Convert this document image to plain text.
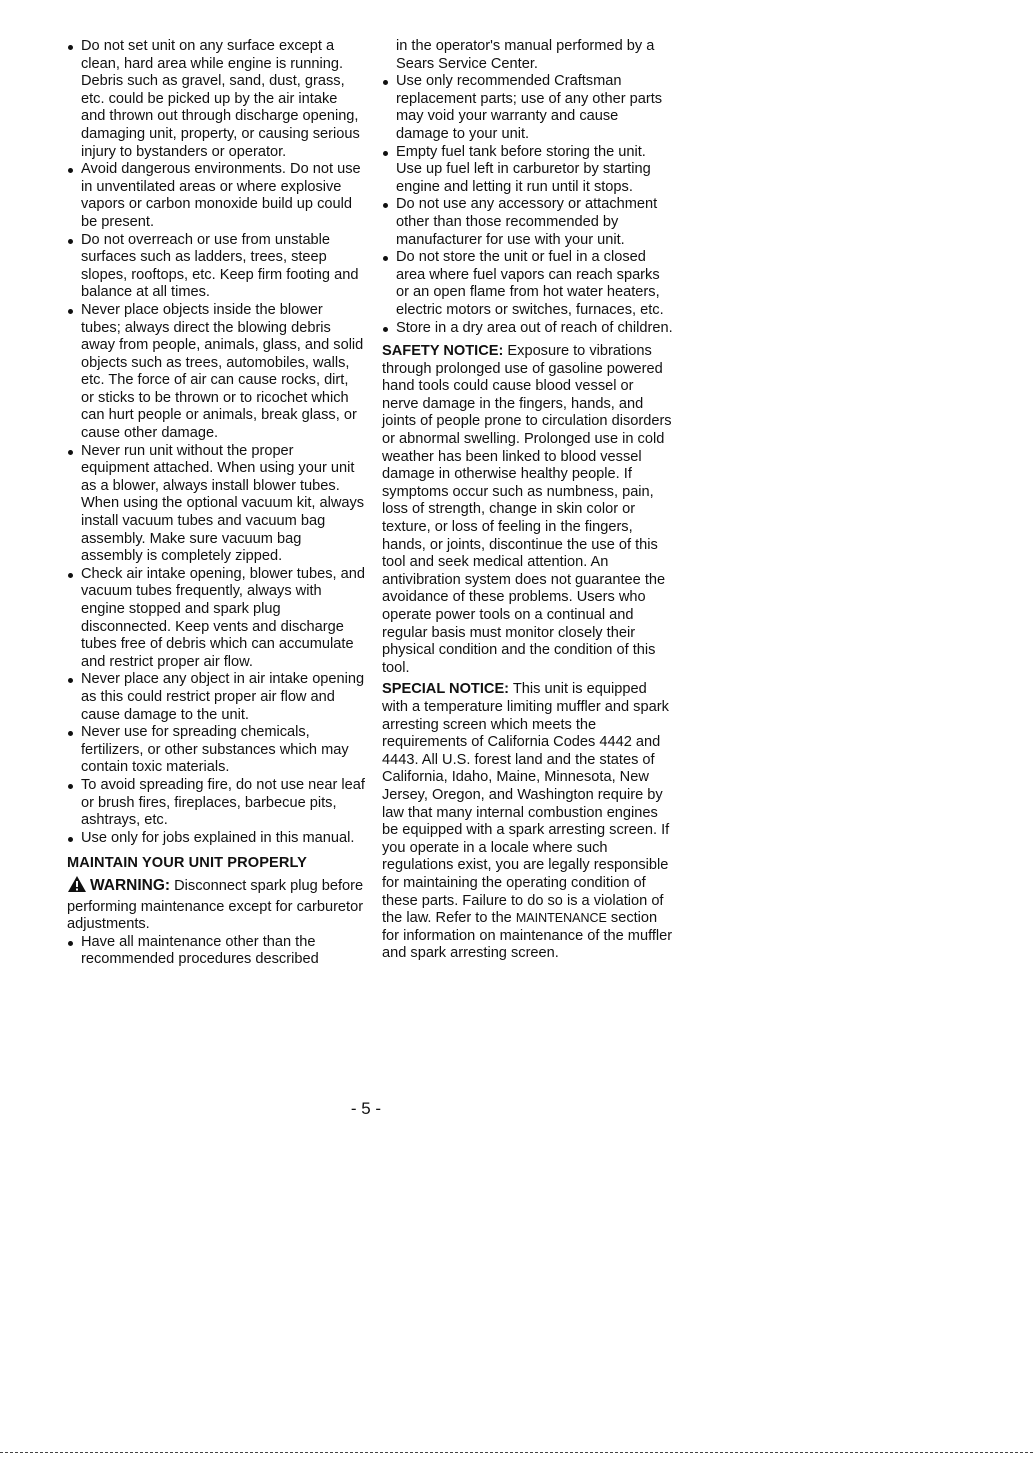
Do not set unit on any surface except a clean, hard area while engine is running. Debris such as gravel, sand, dust, grass, etc. could be picked up by the air intake and thrown out through discharge opening, damaging unit, property, or causing serious injury to bystanders or operator.
Avoid dangerous environments. Do not use in unventilated areas or where explosive vapors or carbon monoxide build up could be present.
Do not overreach or use from unstable surfaces such as ladders, trees, steep slopes, rooftops, etc. Keep firm footing and balance at all times.
Never place objects inside the blower tubes; always direct the blowing debris away from people, animals, glass, and solid objects such as trees, automobiles, walls, etc. The force of air can cause rocks, dirt, or sticks to be thrown or to ricochet which can hurt people or animals, break glass, or cause other damage.
Never run unit without the proper equipment attached. When using your unit as a blower, always install blower tubes. When using the optional vacuum kit, always install vacuum tubes and vacuum bag assembly. Make sure vacuum bag assembly is completely zipped.
Check air intake opening, blower tubes, and vacuum tubes frequently, always with engine stopped and spark plug disconnected. Keep vents and discharge tubes free of debris which can accumulate and restrict proper air flow.
Never place any object in air intake opening as this could restrict proper air flow and cause damage to the unit.
Never use for spreading chemicals, fertilizers, or other substances which may contain toxic materials.
To avoid spreading fire, do not use near leaf or brush fires, fireplaces, barbecue pits, ashtrays, etc.
Use only for jobs explained in this manual.
MAINTAIN YOUR UNIT PROPERLY
WARNING: Disconnect spark plug before performing maintenance except for carburetor adjustments.
Have all maintenance other than the recommended procedures described

in the operator's manual performed by a Sears Service Center.

Use only recommended Craftsman replacement parts; use of any other parts may void your warranty and cause damage to your unit.
Empty fuel tank before storing the unit. Use up fuel left in carburetor by starting engine and letting it run until it stops.
Do not use any accessory or attachment other than those recommended by manufacturer for use with your unit.
Do not store the unit or fuel in a closed area where fuel vapors can reach sparks or an open flame from hot water heaters, electric motors or switches, furnaces, etc.
Store in a dry area out of reach of children.

SAFETY NOTICE: Exposure to vibrations through prolonged use of gasoline powered hand tools could cause blood vessel or nerve damage in the fingers, hands, and joints of people prone to circulation disorders or abnormal swelling. Prolonged use in cold weather has been linked to blood vessel damage in otherwise healthy people. If symptoms occur such as numbness, pain, loss of strength, change in skin color or texture, or loss of feeling in the fingers, hands, or joints, discontinue the use of this tool and seek medical attention. An antivibration system does not guarantee the avoidance of these problems. Users who operate power tools on a continual and regular basis must monitor closely their physical condition and the condition of this tool.

SPECIAL NOTICE: This unit is equipped with a temperature limiting muffler and spark arresting screen which meets the requirements of California Codes 4442 and 4443. All U.S. forest land and the states of California, Idaho, Maine, Minnesota, New Jersey, Oregon, and Washington require by law that many internal combustion engines be equipped with a spark arresting screen. If you operate in a locale where such regulations exist, you are legally responsible for maintaining the operating condition of these parts. Failure to do so is a violation of the law. Refer to the MAINTENANCE section for information on maintenance of the muffler and spark arresting screen.

- 5 -
